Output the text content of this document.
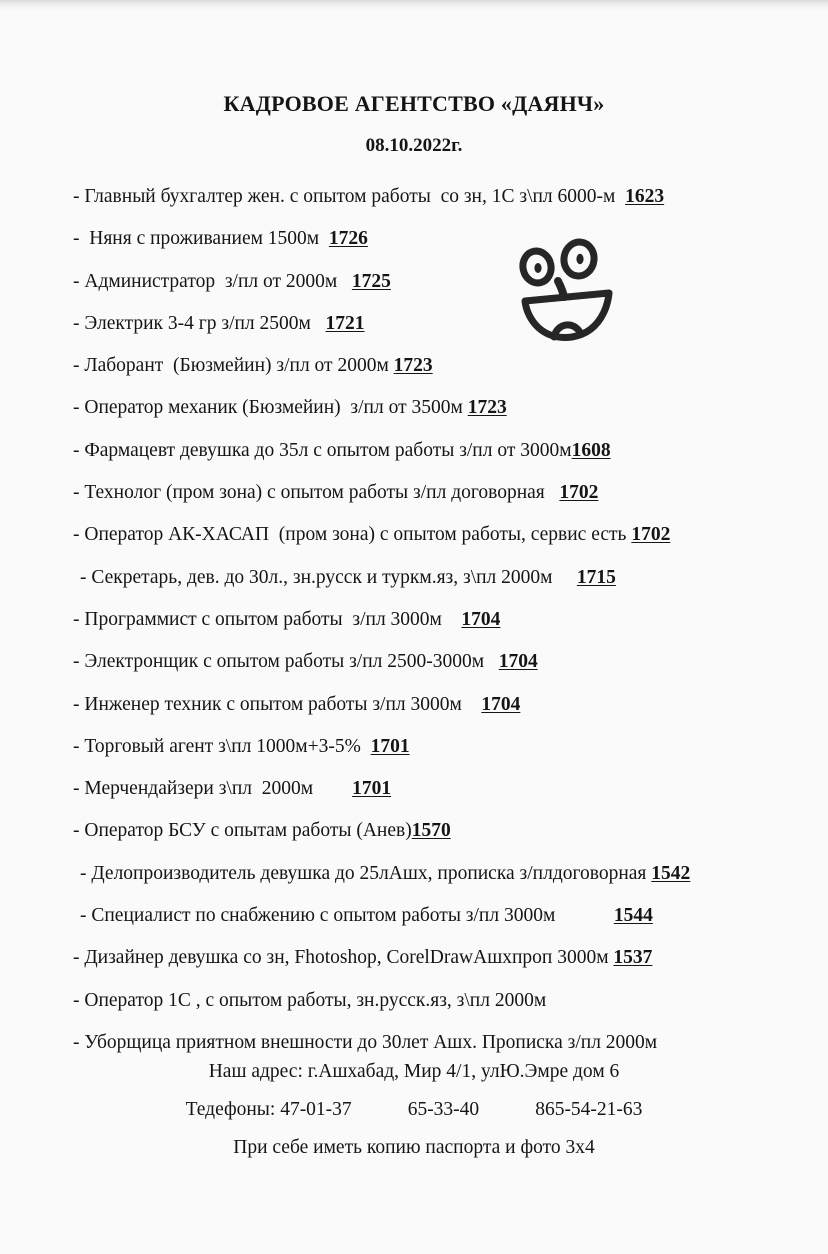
КАДРОВОЕ АГЕНТСТВО «ДАЯНЧ»
08.10.2022г.
- Главный бухгалтер жен. с опытом работы  со зн, 1С з\пл 6000-м  1623
-  Няня с проживанием 1500м  1726
- Администратор  з/пл от 2000м   1725
- Электрик 3-4 гр з/пл 2500м   1721
- Лаборант  (Бюзмейин) з/пл от 2000м 1723
- Оператор механик (Бюзмейин)  з/пл от 3500м 1723
- Фармацевт девушка до 35л с опытом работы з/пл от 3000м1608
- Технолог (пром зона) с опытом работы з/пл договорная   1702
- Оператор АК-ХАСАП  (пром зона) с опытом работы, сервис есть 1702
- Секретарь, дев. до 30л., зн.русск и туркм.яз, з\пл 2000м     1715
- Программист с опытом работы  з/пл 3000м    1704
- Электронщик с опытом работы з/пл 2500-3000м   1704
- Инженер техник с опытом работы з/пл 3000м    1704
- Торговый агент з\пл 1000м+3-5%  1701
- Мерчендайзери з\пл  2000м        1701
- Оператор БСУ с опытам работы (Анев)1570
- Делопроизводитель девушка до 25лАшх, прописка з/плдоговорная 1542
- Специалист по снабжению с опытом работы з/пл 3000м            1544
- Дизайнер девушка со зн, Fhotoshop, CorelDrawАшхпроп 3000м 1537
- Оператор 1С , с опытом работы, зн.русск.яз, з\пл 2000м
- Уборщица приятном внешности до 30лет Ашх. Прописка з/пл 2000м
Наш адрес: г.Ашхабад, Мир 4/1, улЮ.Эмре дом 6
Тедефоны: 47-01-37	65-33-40	865-54-21-63
При себе иметь копию паспорта и фото 3х4
